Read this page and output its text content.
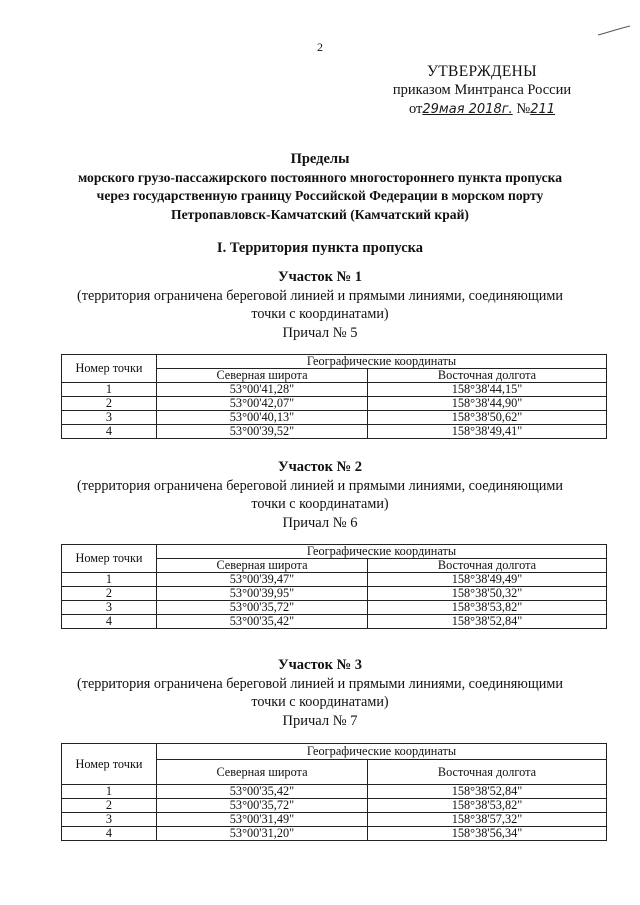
2
УТВЕРЖДЕНЫ
приказом Минтранса России
от29мая 2018г. №211
Пределы
морского грузо-пассажирского постоянного многостороннего пункта пропуска
через государственную границу Российской Федерации в морском порту
Петропавловск-Камчатский (Камчатский край)
I. Территория пункта пропуска
Участок № 1
(территория ограничена береговой линией и прямыми линиями, соединяющими
точки с координатами)
Причал № 5
Номер точки	Географические координаты	
	Северная широта	Восточная долгота
1	53°00'41,28"	158°38'44,15"
2	53°00'42,07"	158°38'44,90"
3	53°00'40,13"	158°38'50,62"
4	53°00'39,52"	158°38'49,41"
Участок № 2
(территория ограничена береговой линией и прямыми линиями, соединяющими
точки с координатами)
Причал № 6
Номер точки	Географические координаты	
	Северная широта	Восточная долгота
1	53°00'39,47"	158°38'49,49"
2	53°00'39,95"	158°38'50,32"
3	53°00'35,72"	158°38'53,82"
4	53°00'35,42"	158°38'52,84"
Участок № 3
(территория ограничена береговой линией и прямыми линиями, соединяющими
точки с координатами)
Причал № 7
Номер точки	Географические координаты	
	Северная широта	Восточная долгота
1	53°00'35,42"	158°38'52,84"
2	53°00'35,72"	158°38'53,82"
3	53°00'31,49"	158°38'57,32"
4	53°00'31,20"	158°38'56,34"
